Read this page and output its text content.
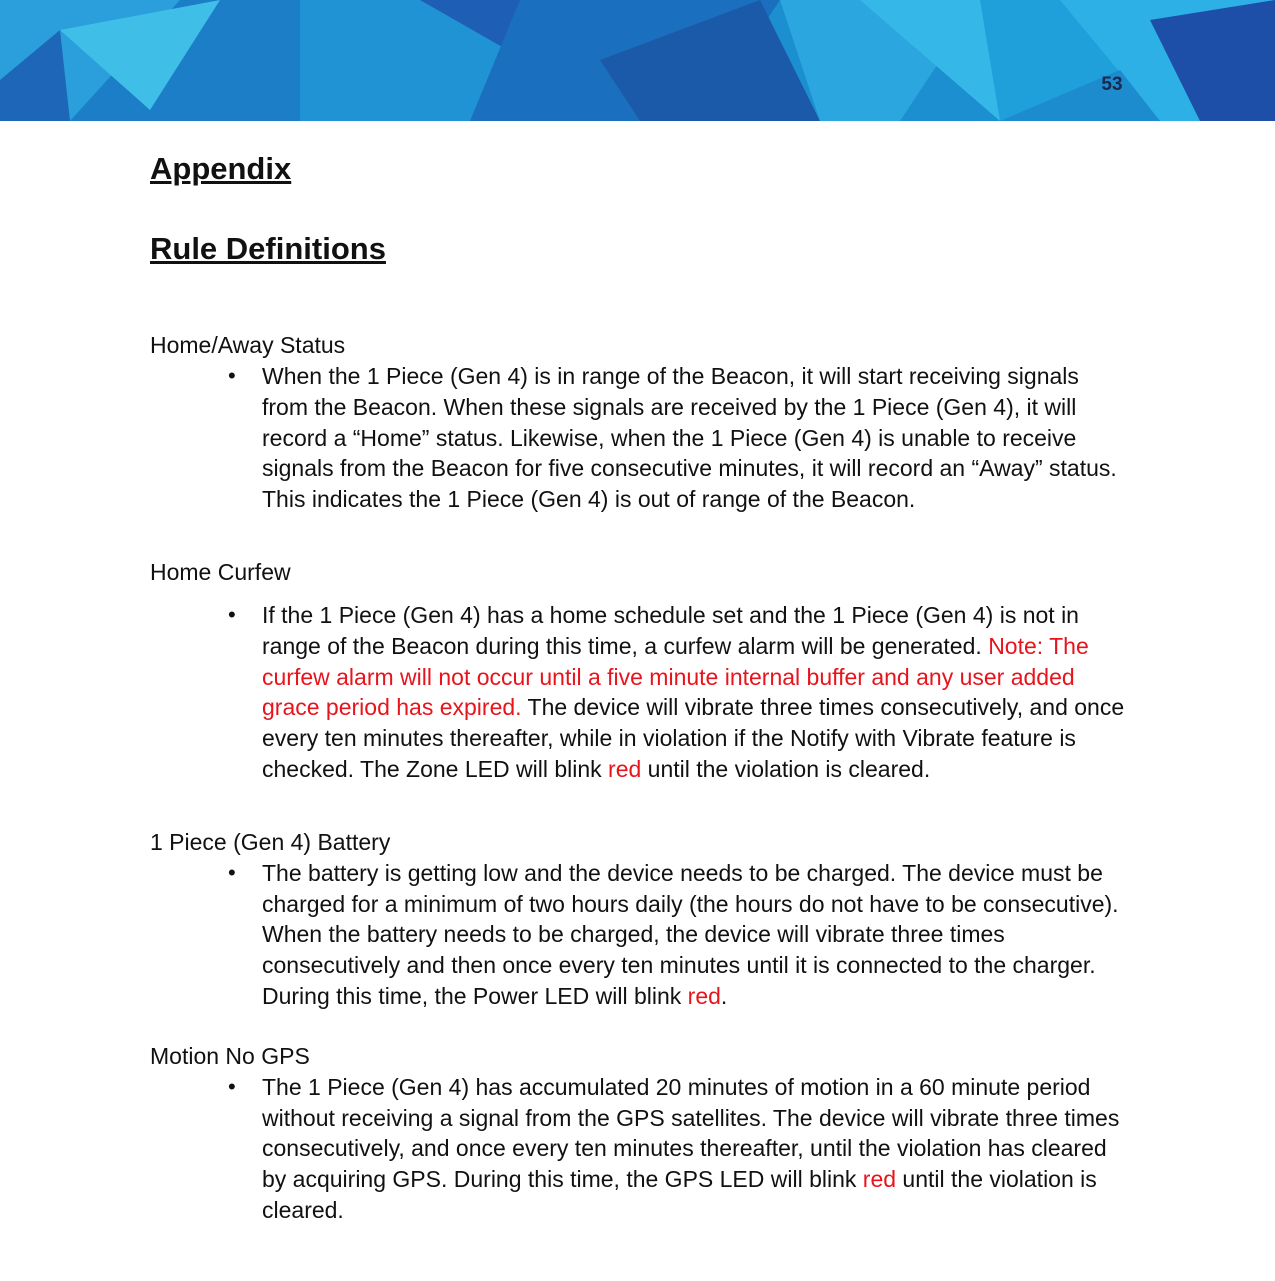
53
Appendix
Rule Definitions
Home/Away Status

• When the 1 Piece (Gen 4) is in range of the Beacon, it will start receiving signals from the Beacon. When these signals are received by the 1 Piece (Gen 4), it will record a “Home” status. Likewise, when the 1 Piece (Gen 4) is unable to receive signals from the Beacon for five consecutive minutes, it will record an “Away” status. This indicates the 1 Piece (Gen 4) is out of range of the Beacon.

Home Curfew

• If the 1 Piece (Gen 4) has a home schedule set and the 1 Piece (Gen 4) is not in range of the Beacon during this time, a curfew alarm will be generated. Note: The curfew alarm will not occur until a five minute internal buffer and any user added grace period has expired. The device will vibrate three times consecutively, and once every ten minutes thereafter, while in violation if the Notify with Vibrate feature is checked. The Zone LED will blink red until the violation is cleared.

1 Piece (Gen 4) Battery

• The battery is getting low and the device needs to be charged. The device must be charged for a minimum of two hours daily (the hours do not have to be consecutive). When the battery needs to be charged, the device will vibrate three times consecutively and then once every ten minutes until it is connected to the charger. During this time, the Power LED will blink red.

Motion No GPS

• The 1 Piece (Gen 4) has accumulated 20 minutes of motion in a 60 minute period without receiving a signal from the GPS satellites. The device will vibrate three times consecutively, and once every ten minutes thereafter, until the violation has cleared by acquiring GPS. During this time, the GPS LED will blink red until the violation is cleared.
